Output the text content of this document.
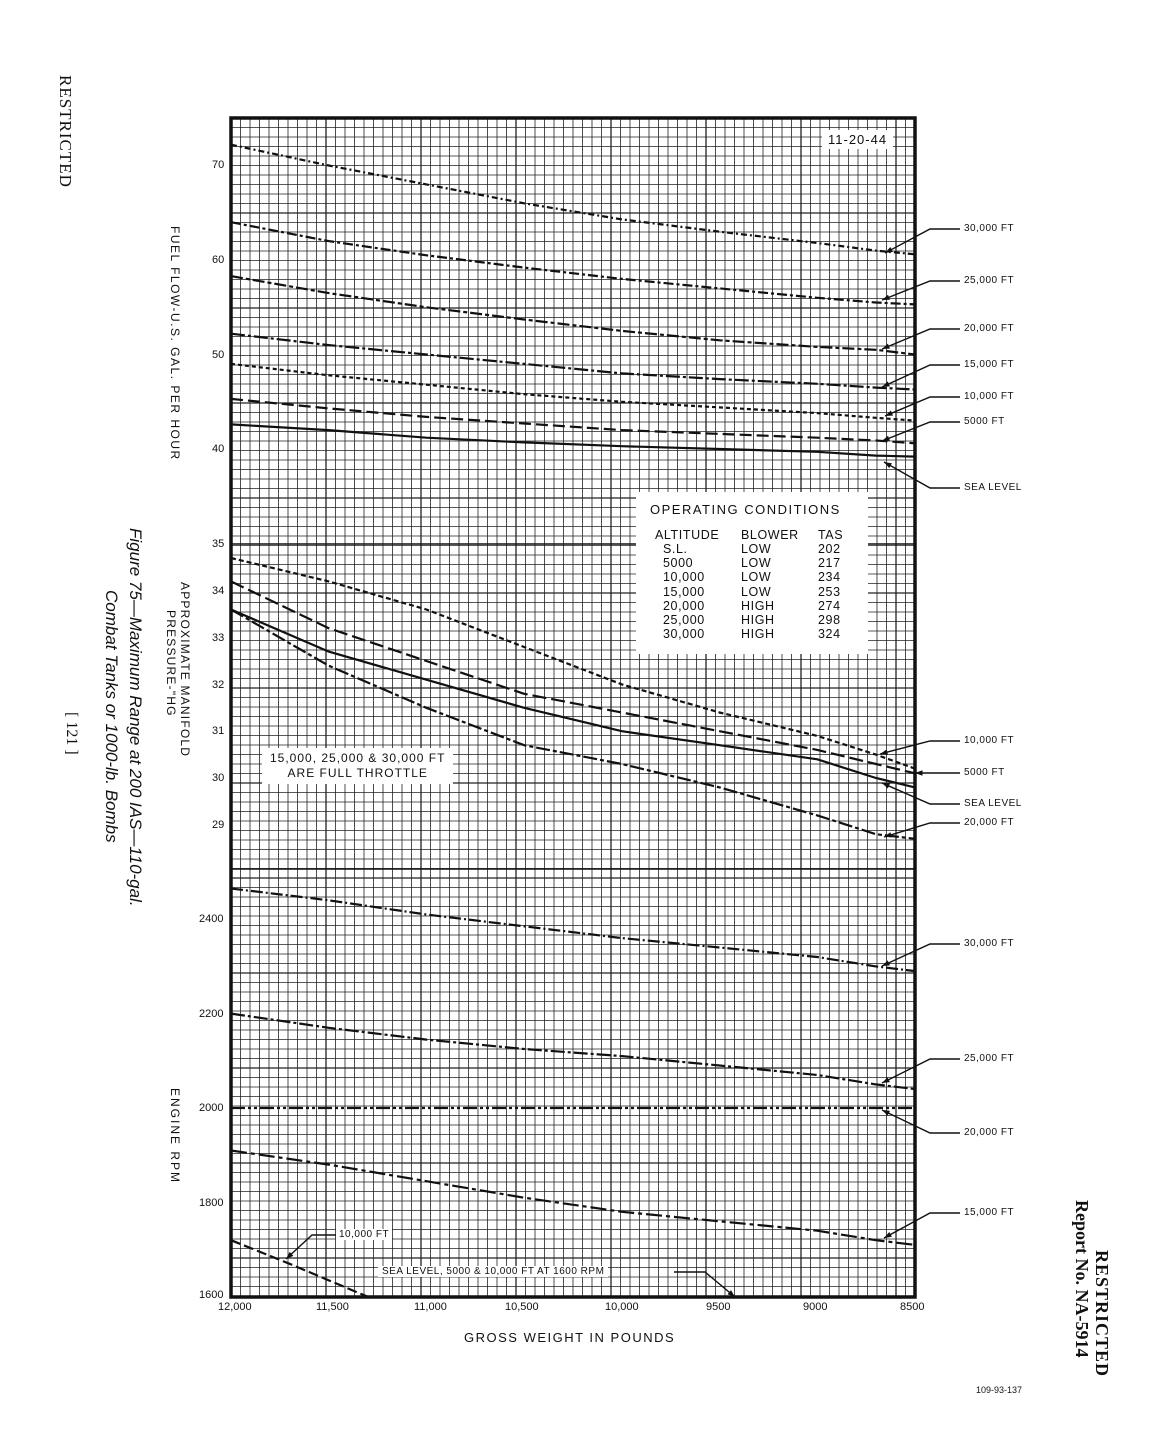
RESTRICTED
RESTRICTED
Report No. NA-5914
Figure 75—Maximum Range at 200 IAS—110-gal.
Combat Tanks or 1000-lb. Bombs
[ 121 ]
109-93-137
FUEL FLOW-U.S. GAL. PER HOUR
APPROXIMATE MANIFOLD
PRESSURE-"HG
ENGINE RPM
70
60
50
40
35
34
33
32
31
30
29
2400
2200
2000
1800
1600
12,000	11,500	11,000	10,500	10,000	9500	9000	8500
GROSS WEIGHT IN POUNDS
11-20-44
30,000 FT
25,000 FT
20,000 FT
15,000 FT
10,000 FT
5000 FT
SEA LEVEL
10,000 FT
5000 FT
SEA LEVEL
20,000 FT
30,000 FT
25,000 FT
20,000 FT
15,000 FT
10,000 FT
SEA LEVEL, 5000 & 10,000 FT AT 1600 RPM
15,000, 25,000 & 30,000 FT
ARE FULL THROTTLE
OPERATING CONDITIONS
ALTITUDE BLOWER TAS
S.L.	LOW	202
5000	LOW	217
10,000	LOW	234
15,000	LOW	253
20,000	HIGH	274
25,000	HIGH	298
30,000	HIGH	324
